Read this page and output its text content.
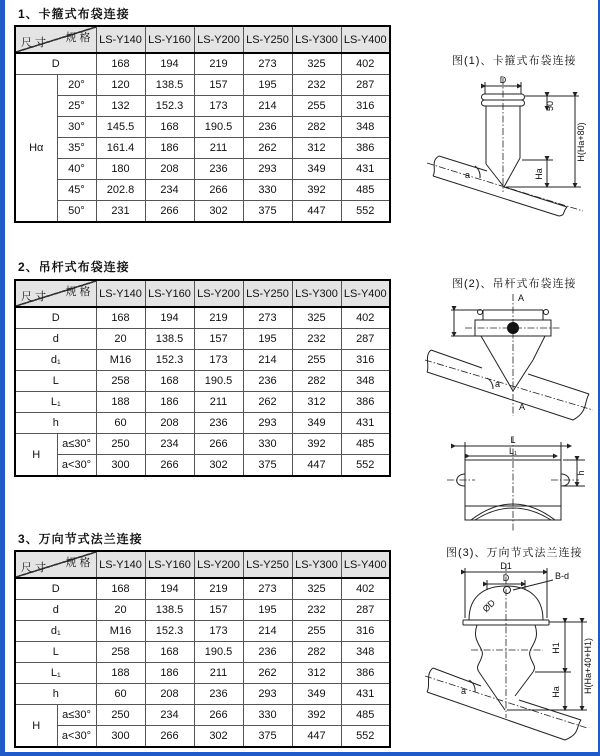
1、卡箍式布袋连接
2、吊杆式布袋连接
3、万向节式法兰连接
规 格
尺 寸		LS-Y140	LS-Y160	LS-Y200	LS-Y250	LS-Y300	LS-Y400
D		168	194	219	273	325	402
Hα	20°	120	138.5	157	195	232	287
	25°	132	152.3	173	214	255	316
	30°	145.5	168	190.5	236	282	348
	35°	161.4	186	211	262	312	386
	40°	180	208	236	293	349	431
	45°	202.8	234	266	330	392	485
	50°	231	266	302	375	447	552
规 格
尺 寸		LS-Y140	LS-Y160	LS-Y200	LS-Y250	LS-Y300	LS-Y400
D		168	194	219	273	325	402
d		20	138.5	157	195	232	287
d₁		M16	152.3	173	214	255	316
L		258	168	190.5	236	282	348
L₁		188	186	211	262	312	386
h		60	208	236	293	349	431
H	a≤30°	250	234	266	330	392	485
	a<30°	300	266	302	375	447	552
规 格
尺 寸		LS-Y140	LS-Y160	LS-Y200	LS-Y250	LS-Y300	LS-Y400
D		168	194	219	273	325	402
d		20	138.5	157	195	232	287
d₁		M16	152.3	173	214	255	316
L		258	168	190.5	236	282	348
L₁		188	186	211	262	312	386
h		60	208	236	293	349	431
H	a≤30°	250	234	266	330	392	485
	a<30°	300	266	302	375	447	552
图(1)、卡箍式布袋连接
图(2)、吊杆式布袋连接
图(3)、万向节式法兰连接
D
a
50
Ha
H(Ha+80)
A
a
A
L
L₁
h
D1
D	B-d
ØD
a
H1
Ha H(Ha+40+H1)
